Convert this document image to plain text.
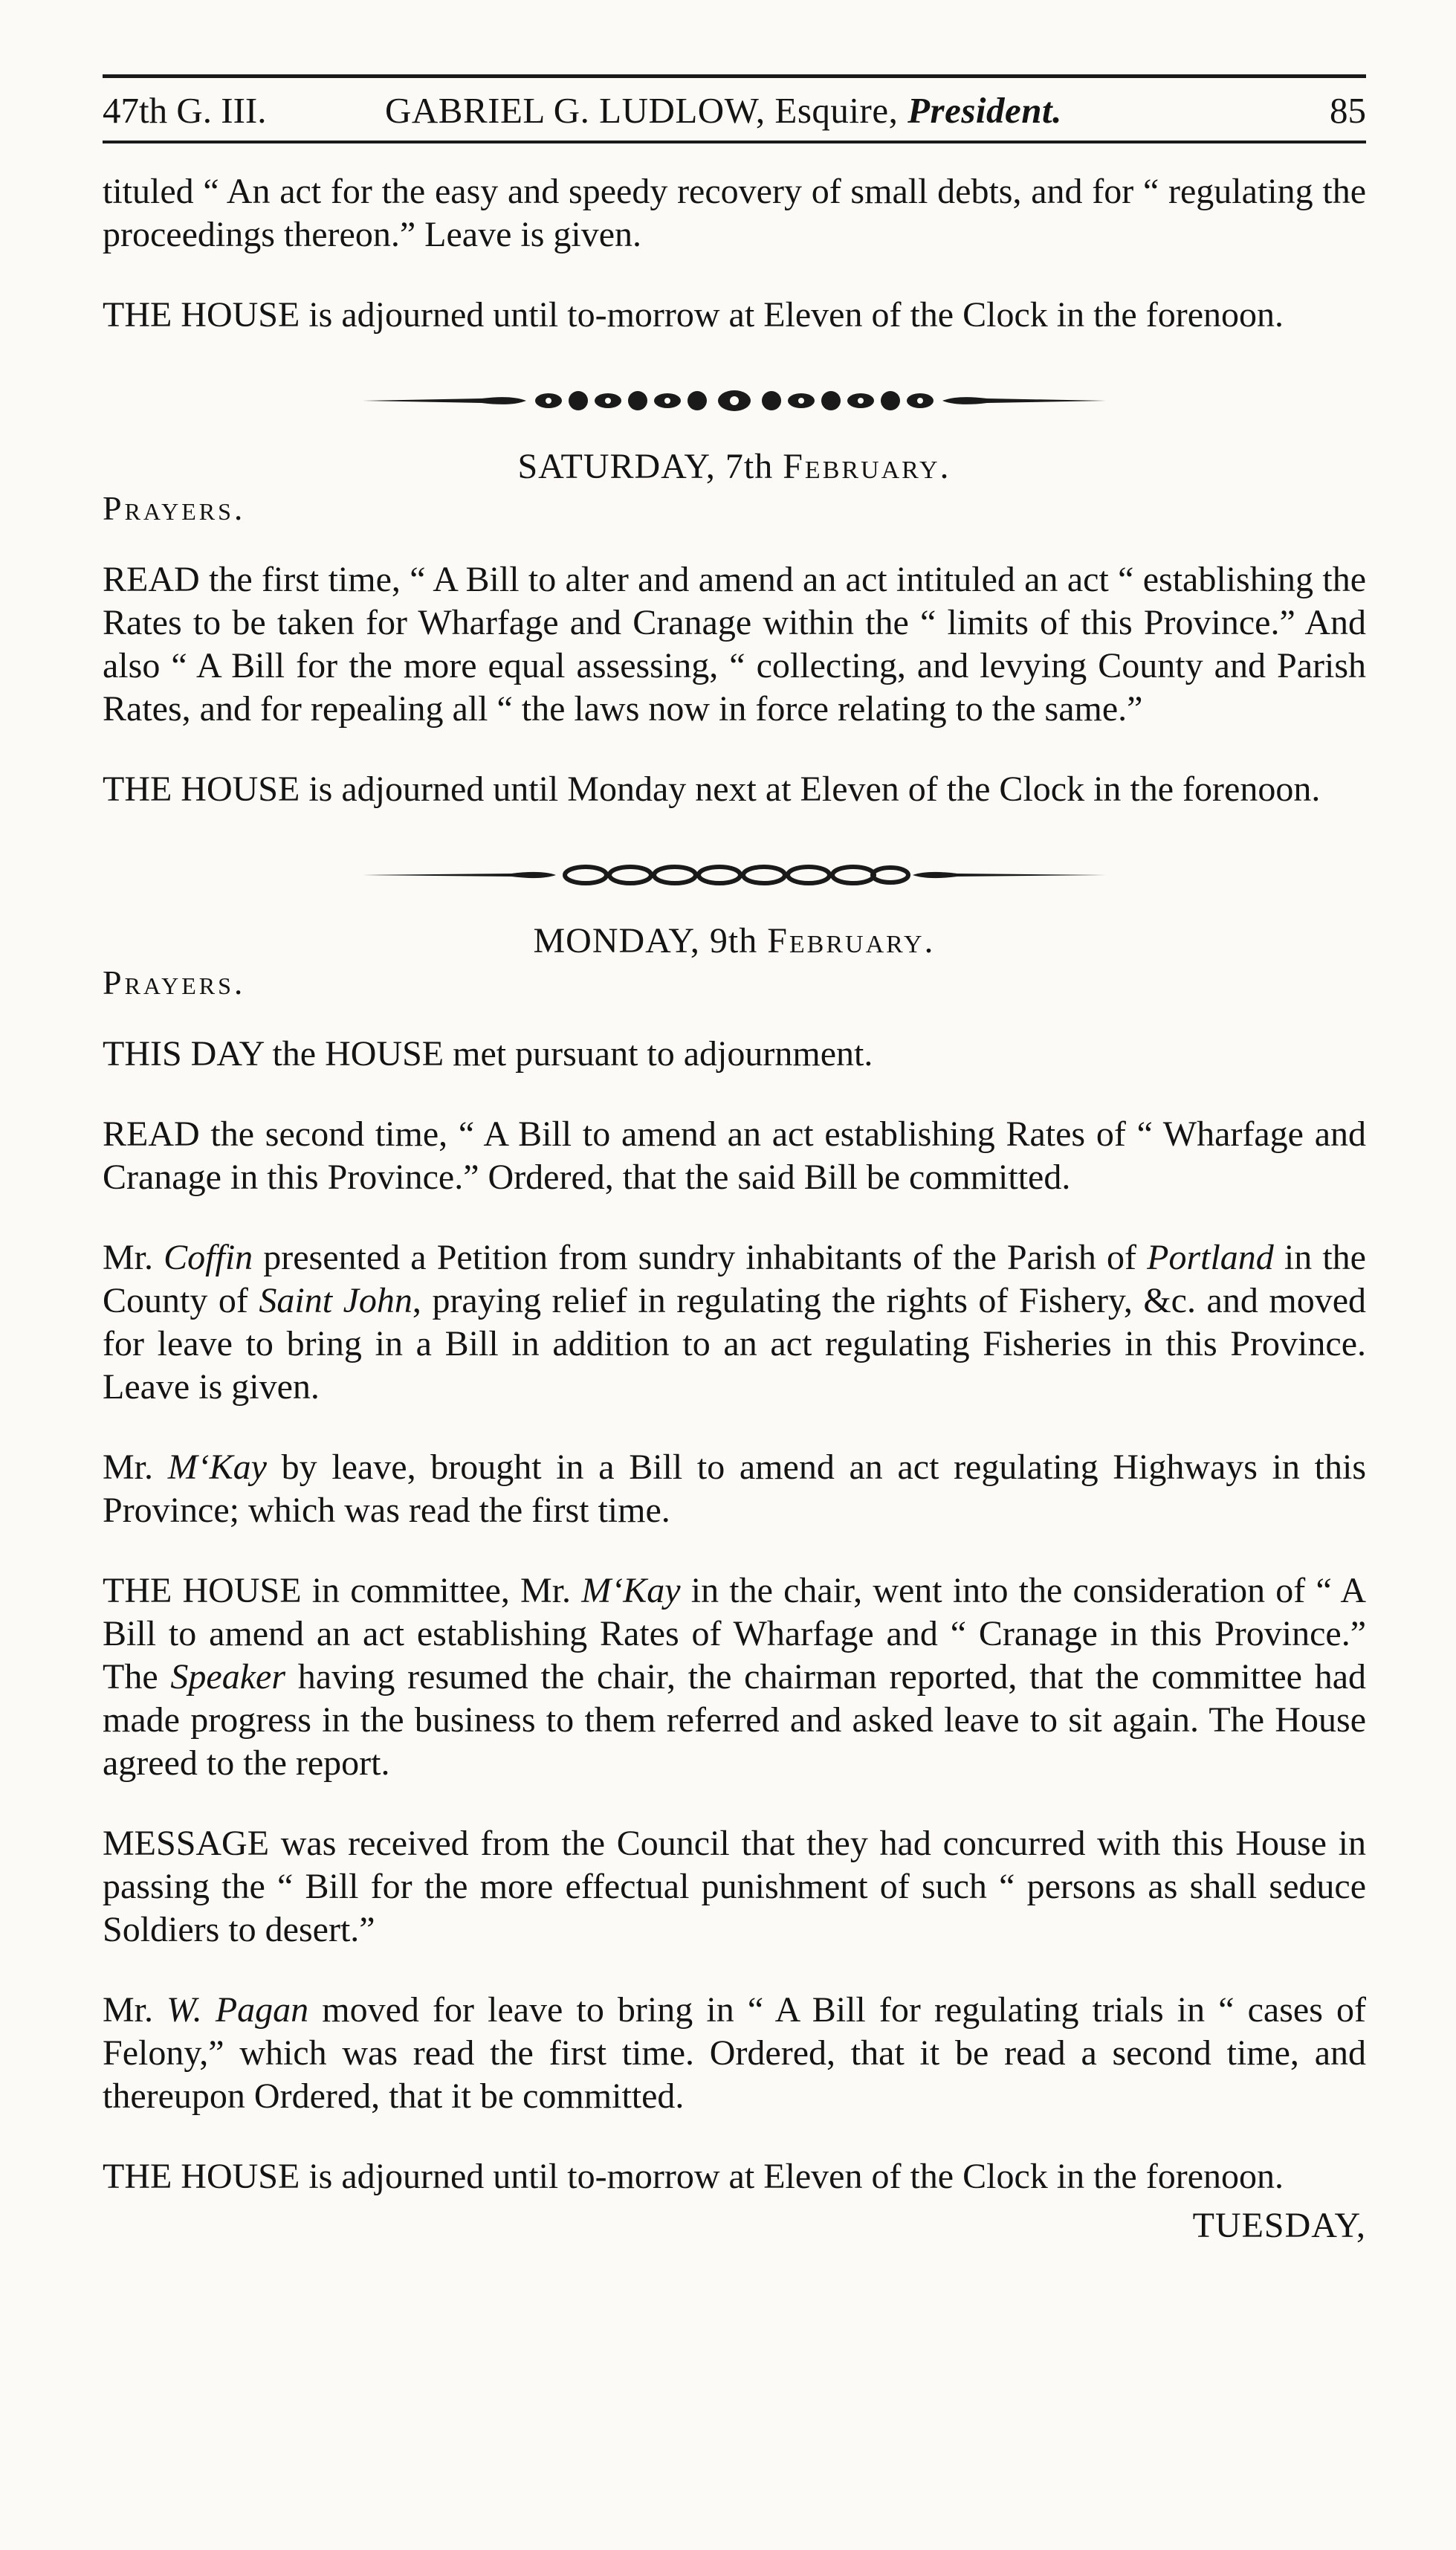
47th G. III.	GABRIEL G. LUDLOW, Esquire, President.	85

tituled “ An act for the easy and speedy recovery of small debts, and for “ regulating the proceedings thereon.” Leave is given.

THE HOUSE is adjourned until to-morrow at Eleven of the Clock in the forenoon.

SATURDAY, 7th February.
Prayers.

READ the first time, “ A Bill to alter and amend an act intituled an act “ establishing the Rates to be taken for Wharfage and Cranage within the “ limits of this Province.” And also “ A Bill for the more equal assessing, “ collecting, and levying County and Parish Rates, and for repealing all “ the laws now in force relating to the same.”

THE HOUSE is adjourned until Monday next at Eleven of the Clock in the forenoon.

MONDAY, 9th February.
Prayers.

THIS DAY the HOUSE met pursuant to adjournment.

READ the second time, “ A Bill to amend an act establishing Rates of “ Wharfage and Cranage in this Province.” Ordered, that the said Bill be committed.

Mr. Coffin presented a Petition from sundry inhabitants of the Parish of Portland in the County of Saint John, praying relief in regulating the rights of Fishery, &c. and moved for leave to bring in a Bill in addition to an act regulating Fisheries in this Province. Leave is given.

Mr. M‘Kay by leave, brought in a Bill to amend an act regulating Highways in this Province; which was read the first time.

THE HOUSE in committee, Mr. M‘Kay in the chair, went into the consideration of “ A Bill to amend an act establishing Rates of Wharfage and “ Cranage in this Province.” The Speaker having resumed the chair, the chairman reported, that the committee had made progress in the business to them referred and asked leave to sit again. The House agreed to the report.

MESSAGE was received from the Council that they had concurred with this House in passing the “ Bill for the more effectual punishment of such “ persons as shall seduce Soldiers to desert.”

Mr. W. Pagan moved for leave to bring in “ A Bill for regulating trials in “ cases of Felony,” which was read the first time. Ordered, that it be read a second time, and thereupon Ordered, that it be committed.

THE HOUSE is adjourned until to-morrow at Eleven of the Clock in the forenoon.

TUESDAY,
